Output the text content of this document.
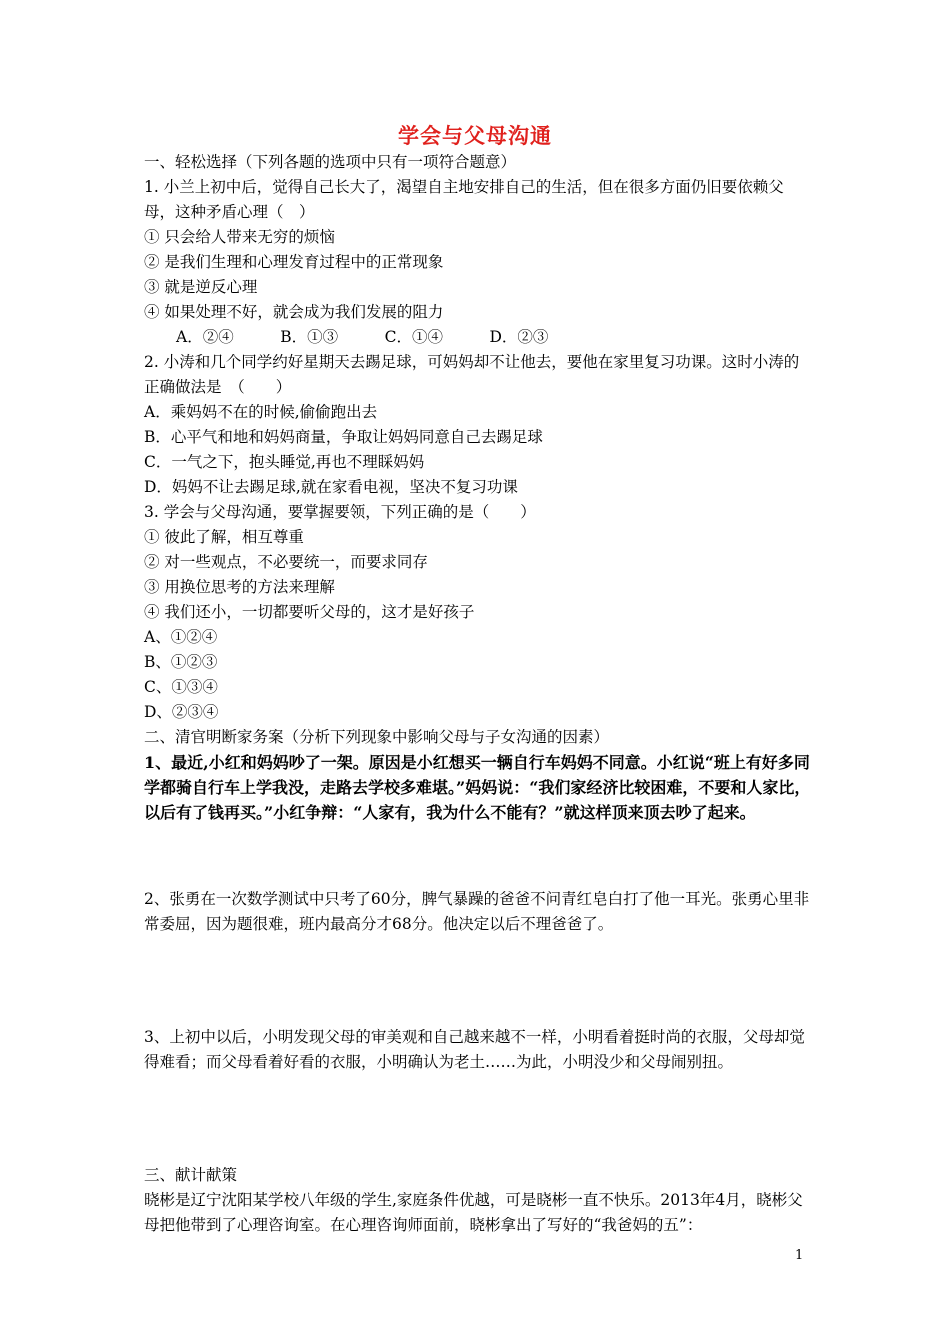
学会与父母沟通
一、轻松选择（下列各题的选项中只有一项符合题意）
1. 小兰上初中后，觉得自己长大了，渴望自主地安排自己的生活，但在很多方面仍旧要依赖父母，这种矛盾心理（　）
① 只会给人带来无穷的烦恼
② 是我们生理和心理发育过程中的正常现象
③ 就是逆反心理
④ 如果处理不好，就会成为我们发展的阻力
A．②④　　　B．①③　　　C．①④　　　D．②③
2. 小涛和几个同学约好星期天去踢足球，可妈妈却不让他去，要他在家里复习功课。这时小涛的正确做法是　（　　）
A．乘妈妈不在的时候,偷偷跑出去
B．心平气和地和妈妈商量，争取让妈妈同意自己去踢足球
C．一气之下，抱头睡觉,再也不理睬妈妈
D．妈妈不让去踢足球,就在家看电视，坚决不复习功课
3. 学会与父母沟通，要掌握要领，下列正确的是（　　）
① 彼此了解，相互尊重
② 对一些观点，不必要统一，而要求同存
③ 用换位思考的方法来理解
④ 我们还小，一切都要听父母的，这才是好孩子
A、①②④
B、①②③
C、①③④
D、②③④
二、清官明断家务案（分析下列现象中影响父母与子女沟通的因素）
1、最近,小红和妈妈吵了一架。原因是小红想买一辆自行车妈妈不同意。小红说“班上有好多同学都骑自行车上学我没，走路去学校多难堪。”妈妈说：“我们家经济比较困难，不要和人家比，以后有了钱再买。”小红争辩：“人家有，我为什么不能有？”就这样顶来顶去吵了起来。
2、张勇在一次数学测试中只考了60分，脾气暴躁的爸爸不问青红皂白打了他一耳光。张勇心里非常委屈，因为题很难，班内最高分才68分。他决定以后不理爸爸了。
3、上初中以后，小明发现父母的审美观和自己越来越不一样，小明看着挺时尚的衣服，父母却觉得难看；而父母看着好看的衣服，小明确认为老土……为此，小明没少和父母闹别扭。
三、献计献策
晓彬是辽宁沈阳某学校八年级的学生,家庭条件优越，可是晓彬一直不快乐。2013年4月，晓彬父母把他带到了心理咨询室。在心理咨询师面前，晓彬拿出了写好的“我爸妈的五”：
1
